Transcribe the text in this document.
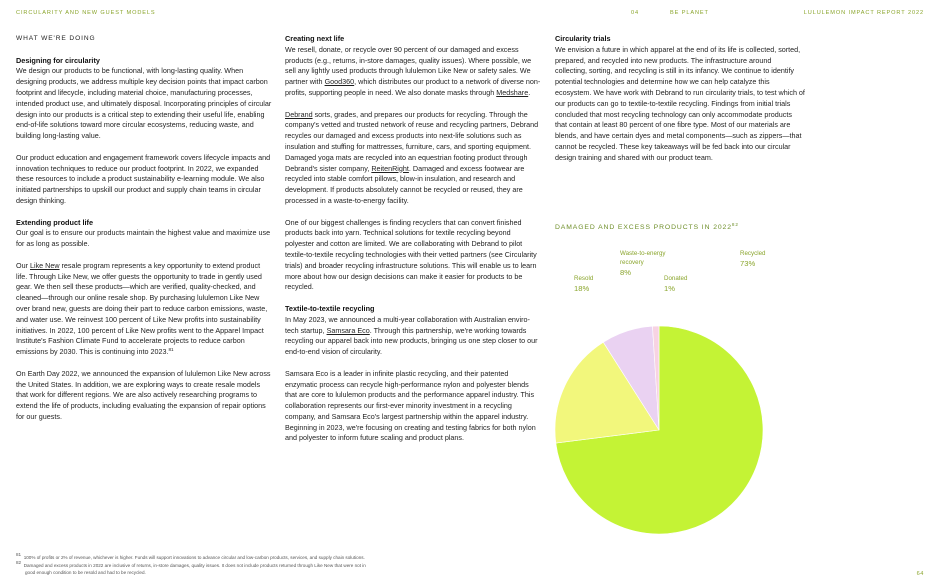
CIRCULARITY AND NEW GUEST MODELS	04	BE PLANET	LULULEMON IMPACT REPORT 2022
WHAT WE'RE DOING
Designing for circularity

We design our products to be functional, with long-lasting quality. When designing products, we address multiple key decision points that impact carbon footprint and lifecycle, including material choice, manufacturing processes, intended product use, and ultimately disposal. Incorporating principles of circular design into our products is a critical step to extending their useful life, enabling end-of-life solutions toward more circular ecosystems, reducing waste, and building long-lasting value.

Our product education and engagement framework covers lifecycle impacts and innovation techniques to reduce our product footprint. In 2022, we expanded these resources to include a product sustainability e-learning module. We also initiated partnerships to upskill our product and supply chain teams in circular design thinking.

Extending product life

Our goal is to ensure our products maintain the highest value and maximize use for as long as possible.

Our Like New resale program represents a key opportunity to extend product life. Through Like New, we offer guests the opportunity to trade in gently used gear. We then sell these products—which are verified, quality-checked, and cleaned—through our online resale shop. By purchasing lululemon Like New over brand new, guests are doing their part to reduce carbon emissions, waste, and water use. We reinvest 100 percent of Like New profits into sustainability initiatives. In 2022, 100 percent of Like New profits went to the Apparel Impact Institute's Fashion Climate Fund to accelerate projects to reduce carbon emissions by 2030. This is continuing into 2023.81

On Earth Day 2022, we announced the expansion of lululemon Like New across the United States. In addition, we are exploring ways to create resale models that work for different regions. We are also actively researching programs to extend the life of products, including evaluating the expansion of repair options for our guests.

Creating next life

We resell, donate, or recycle over 90 percent of our damaged and excess products (e.g., returns, in-store damages, quality issues). Where possible, we sell any lightly used products through lululemon Like New or safety sales. We partner with Good360, which distributes our product to a network of diverse non-profits, supporting people in need. We also donate masks through Medshare.

Debrand sorts, grades, and prepares our products for recycling. Through the company's vetted and trusted network of reuse and recycling partners, Debrand recycles our damaged and excess products into next-life solutions such as insulation and stuffing for mattresses, furniture, cars, and sporting equipment. Damaged yoga mats are recycled into an equestrian footing product through Debrand's sister company, ReitenRight. Damaged and excess footwear are recycled into stable comfort pillows, blow-in insulation, and research and development. If products absolutely cannot be recycled or reused, they are processed in a waste-to-energy facility.

One of our biggest challenges is finding recyclers that can convert finished products back into yarn. Technical solutions for textile recycling beyond polyester and cotton are limited. We are collaborating with Debrand to pilot textile-to-textile recycling technologies with their vetted partners (see Circularity trials) and broader recycling infrastructure solutions. This will enable us to learn more about how our design decisions can make it easier for products to be recycled.

Textile-to-textile recycling

In May 2023, we announced a multi-year collaboration with Australian enviro-tech startup, Samsara Eco. Through this partnership, we're working towards recycling our apparel back into new products, bringing us one step closer to our end-to-end vision of circularity.

Samsara Eco is a leader in infinite plastic recycling, and their patented enzymatic process can recycle high-performance nylon and polyester blends that are core to lululemon products and the performance apparel industry. This collaboration represents our first-ever minority investment in a recycling company, and Samsara Eco's largest partnership within the apparel industry. Beginning in 2023, we're focusing on creating and testing fabrics for both nylon and polyester to inform future scaling and product plans.

Circularity trials

We envision a future in which apparel at the end of its life is collected, sorted, prepared, and recycled into new products. The infrastructure around collecting, sorting, and recycling is still in its infancy. We continue to identify potential technologies and determine how we can help catalyze this ecosystem. We have work with Debrand to run circularity trials, to test which of our products can go to textile-to-textile recycling. Findings from initial trials concluded that most recycling technology can only accommodate products that contain at least 80 percent of one fibre type. Most of our materials are blends, and have certain dyes and metal components—such as zippers—that cannot be recycled. These key takeaways will be fed back into our circular design training and shared with our product team.

DAMAGED AND EXCESS PRODUCTS IN 2022$^{82}$
Recycled
73%
Resold
18%
Waste-to-energy
recovery
8%
Donated
1%
$^{81}$  100% of profits or 2% of revenue, whichever is higher. Funds will support innovations to advance circular and low-carbon products, services, and supply chain solutions.
$^{82}$  Damaged and excess products in 2022 are inclusive of returns, in-store damages, quality issues. It does not include products returned through Like New that were not in
good enough condition to be resold and had to be recycled.	64
